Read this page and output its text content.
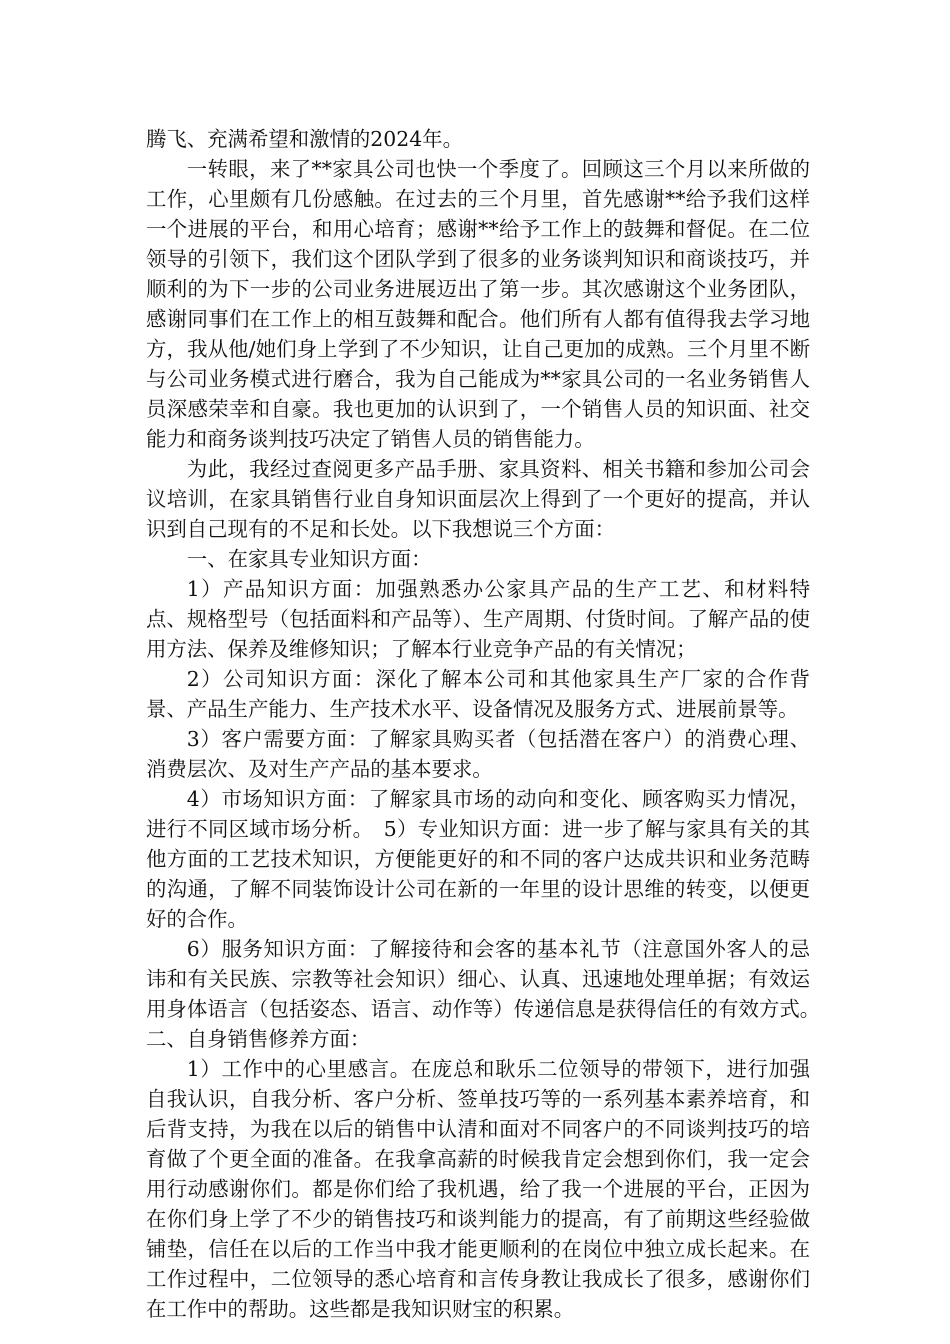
腾飞、充满希望和激情的2024年。

一转眼，来了**家具公司也快一个季度了。回顾这三个月以来所做的工作，心里颇有几份感触。在过去的三个月里，首先感谢**给予我们这样一个进展的平台，和用心培育；感谢**给予工作上的鼓舞和督促。在二位领导的引领下，我们这个团队学到了很多的业务谈判知识和商谈技巧，并顺利的为下一步的公司业务进展迈出了第一步。其次感谢这个业务团队，感谢同事们在工作上的相互鼓舞和配合。他们所有人都有值得我去学习地方，我从他/她们身上学到了不少知识，让自己更加的成熟。三个月里不断与公司业务模式进行磨合，我为自己能成为**家具公司的一名业务销售人员深感荣幸和自豪。我也更加的认识到了，一个销售人员的知识面、社交能力和商务谈判技巧决定了销售人员的销售能力。

为此，我经过查阅更多产品手册、家具资料、相关书籍和参加公司会议培训，在家具销售行业自身知识面层次上得到了一个更好的提高，并认识到自己现有的不足和长处。以下我想说三个方面：

一、在家具专业知识方面：

1）产品知识方面：加强熟悉办公家具产品的生产工艺、和材料特点、规格型号（包括面料和产品等）、生产周期、付货时间。了解产品的使用方法、保养及维修知识；了解本行业竞争产品的有关情况；

2）公司知识方面：深化了解本公司和其他家具生产厂家的合作背景、产品生产能力、生产技术水平、设备情况及服务方式、进展前景等。

3）客户需要方面：了解家具购买者（包括潜在客户）的消费心理、消费层次、及对生产产品的基本要求。

4）市场知识方面：了解家具市场的动向和变化、顾客购买力情况，进行不同区域市场分析。　5）专业知识方面：进一步了解与家具有关的其他方面的工艺技术知识，方便能更好的和不同的客户达成共识和业务范畴的沟通，了解不同装饰设计公司在新的一年里的设计思维的转变，以便更好的合作。

6）服务知识方面：了解接待和会客的基本礼节（注意国外客人的忌讳和有关民族、宗教等社会知识）细心、认真、迅速地处理单据；有效运用身体语言（包括姿态、语言、动作等）传递信息是获得信任的有效方式。　二、自身销售修养方面：

1）工作中的心里感言。在庞总和耿乐二位领导的带领下，进行加强自我认识，自我分析、客户分析、签单技巧等的一系列基本素养培育，和后背支持，为我在以后的销售中认清和面对不同客户的不同谈判技巧的培育做了个更全面的准备。在我拿高薪的时候我肯定会想到你们，我一定会用行动感谢你们。都是你们给了我机遇，给了我一个进展的平台，正因为在你们身上学了不少的销售技巧和谈判能力的提高，有了前期这些经验做铺垫，信任在以后的工作当中我才能更顺利的在岗位中独立成长起来。在工作过程中，二位领导的悉心培育和言传身教让我成长了很多，感谢你们在工作中的帮助。这些都是我知识财宝的积累。
